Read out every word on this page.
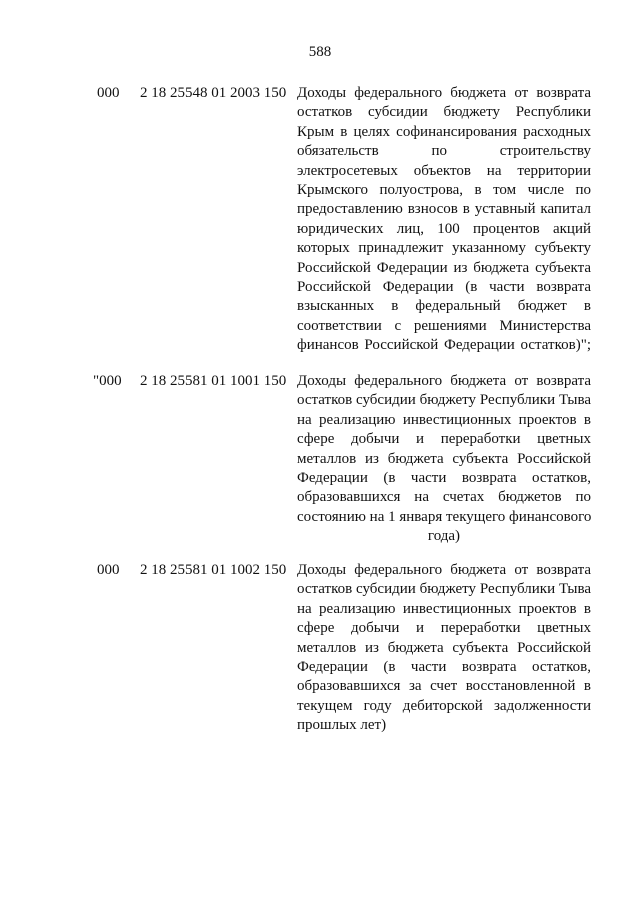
588
000 2 18 25548 01 2003 150 Доходы федерального бюджета от возврата
остатков субсидии бюджету Республики
Крым в целях софинансирования расходных
обязательств по строительству
электросетевых объектов на территории
Крымского полуострова, в том числе по
предоставлению взносов в уставный капитал
юридических лиц, 100 процентов акций
которых принадлежит указанному субъекту
Российской Федерации из бюджета субъекта
Российской Федерации (в части возврата
взысканных в федеральный бюджет в
соответствии с решениями Министерства
финансов Российской Федерации остатков)";
"000 2 18 25581 01 1001 150 Доходы федерального бюджета от возврата
остатков субсидии бюджету Республики Тыва
на реализацию инвестиционных проектов в
сфере добычи и переработки цветных
металлов из бюджета субъекта Российской
Федерации (в части возврата остатков,
образовавшихся на счетах бюджетов по
состоянию на 1 января текущего финансового
года)
000 2 18 25581 01 1002 150 Доходы федерального бюджета от возврата
остатков субсидии бюджету Республики Тыва
на реализацию инвестиционных проектов в
сфере добычи и переработки цветных
металлов из бюджета субъекта Российской
Федерации (в части возврата остатков,
образовавшихся за счет восстановленной в
текущем году дебиторской задолженности
прошлых лет)
